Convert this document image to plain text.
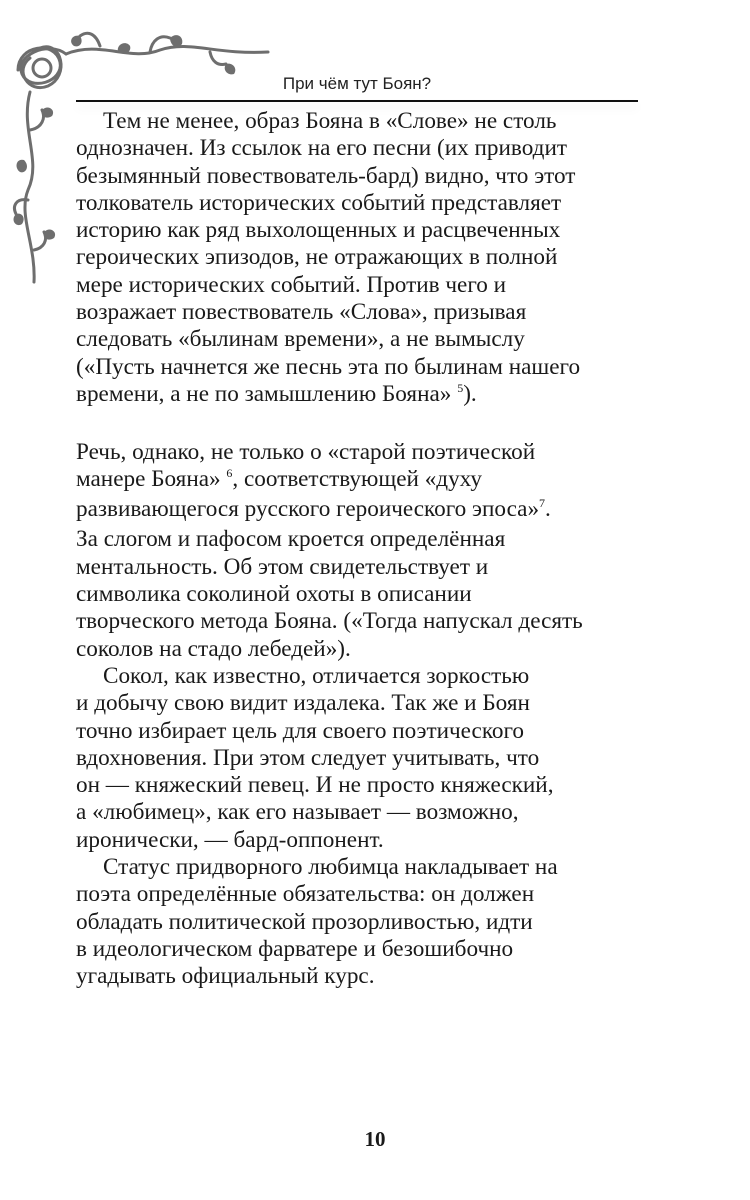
При чём тут Боян?

Тем не менее, образ Бояна в «Слове» не столь
однозначен. Из ссылок на его песни (их приводит
безымянный повествователь-бард) видно, что этот
толкователь исторических событий представляет
историю как ряд выхолощенных и расцвеченных
героических эпизодов, не отражающих в полной
мере исторических событий. Против чего и
возражает повествователь «Слова», призывая
следовать «былинам времени», а не вымыслу
(«Пусть начнется же песнь эта по былинам нашего
времени, а не по замышлению Бояна» $^5$).

Речь, однако, не только о «старой поэтической
манере Бояна» $^6$, соответствующей «духу
развивающегося русского героического эпоса»$^7$.
За слогом и пафосом кроется определённая
ментальность. Об этом свидетельствует и
символика соколиной охоты в описании
творческого метода Бояна. («Тогда напускал десять
соколов на стадо лебедей»).

Сокол, как известно, отличается зоркостью
и добычу свою видит издалека. Так же и Боян
точно избирает цель для своего поэтического
вдохновения. При этом следует учитывать, что
он — княжеский певец. И не просто княжеский,
а «любимец», как его называет — возможно,
иронически, — бард-оппонент.

Статус придворного любимца накладывает на
поэта определённые обязательства: он должен
обладать политической прозорливостью, идти
в идеологическом фарватере и безошибочно
угадывать официальный курс.

10
